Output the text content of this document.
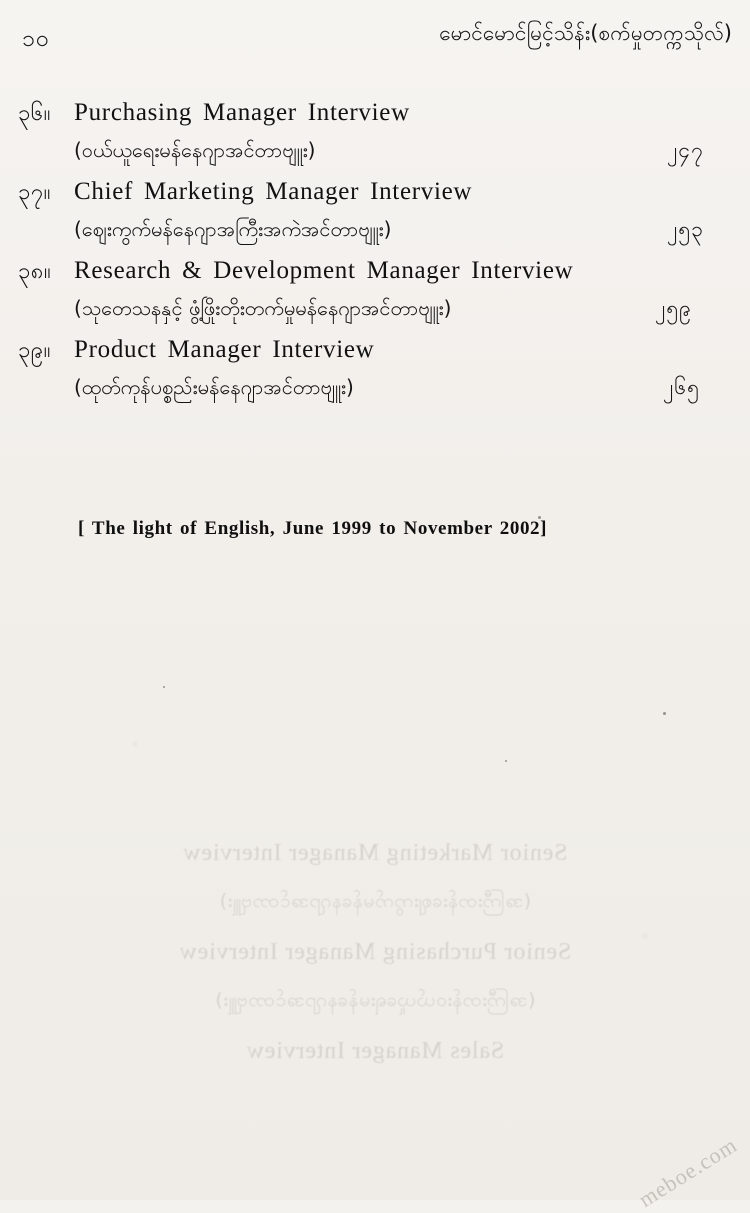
၁၀	မောင်မောင်မြင့်သိန်း(စက်မှုတက္ကသိုလ်)
၃၆။ Purchasing Manager Interview
(ဝယ်ယူရေးမန်နေဂျာအင်တာဗျူး)	၂၄၇
၃၇။ Chief Marketing Manager Interview
(ဈေးကွက်မန်နေဂျာအကြီးအကဲအင်တာဗျူး)	၂၅၃
၃၈။ Research & Development Manager Interview
(သုတေသနနှင့် ဖွံ့ဖြိုးတိုးတက်မှုမန်နေဂျာအင်တာဗျူး)	၂၅၉
၃၉။ Product Manager Interview
(ထုတ်ကုန်ပစ္စည်းမန်နေဂျာအင်တာဗျူး)	၂၆၅
[ The light of English, June 1999 to November 2002]
Senior Marketing Manager Interview
(အကြီးတန်းဈေးကွက်မန်နေဂျာအင်တာဗျူး)
Senior Purchasing Manager Interview
(အကြီးတန်းဝယ်ယူရေးမန်နေဂျာအင်တာဗျူး)
Sales Manager Interview
meboe.com
